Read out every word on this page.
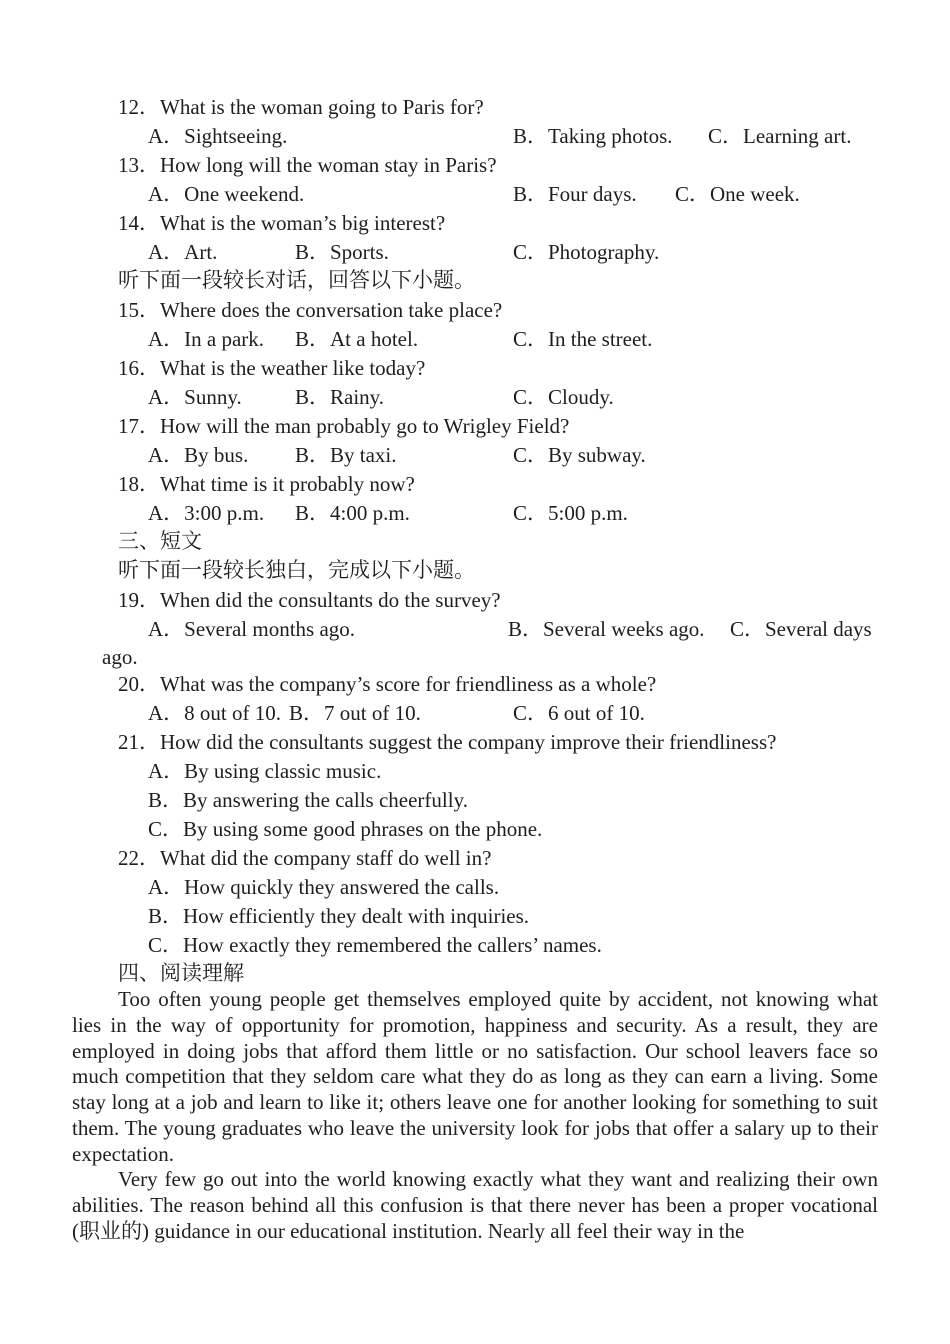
12．What is the woman going to Paris for?
A．Sightseeing.	B．Taking photos. C．Learning art.
13．How long will the woman stay in Paris?
A．One weekend.	B．Four days. C．One week.
14．What is the woman’s big interest?
A．Art.	B．Sports.	C．Photography.
听下面一段较长对话，回答以下小题。
15．Where does the conversation take place?
A．In a park. B．At a hotel.	C．In the street.
16．What is the weather like today?
A．Sunny.	B．Rainy.	C．Cloudy.
17．How will the man probably go to Wrigley Field?
A．By bus. B．By taxi.	C．By subway.
18．What time is it probably now?
A．3:00 p.m. B．4:00 p.m.	C．5:00 p.m.
三、短文
听下面一段较长独白，完成以下小题。
19．When did the consultants do the survey?
A．Several months ago.	B．Several weeks ago. C．Several days
ago.
20．What was the company’s score for friendliness as a whole?
A．8 out of 10. B．7 out of 10.	C．6 out of 10.
21．How did the consultants suggest the company improve their friendliness?
A．By using classic music.
B．By answering the calls cheerfully.
C．By using some good phrases on the phone.
22．What did the company staff do well in?
A．How quickly they answered the calls.
B．How efficiently they dealt with inquiries.
C．How exactly they remembered the callers’ names.
四、阅读理解
Too often young people get themselves employed quite by accident, not knowing what lies in the way of opportunity for promotion, happiness and security. As a result, they are employed in doing jobs that afford them little or no satisfaction. Our school leavers face so much competition that they seldom care what they do as long as they can earn a living. Some stay long at a job and learn to like it; others leave one for another looking for something to suit them. The young graduates who leave the university look for jobs that offer a salary up to their expectation.
Very few go out into the world knowing exactly what they want and realizing their own abilities. The reason behind all this confusion is that there never has been a proper vocational (职业的) guidance in our educational institution. Nearly all feel their way in the
